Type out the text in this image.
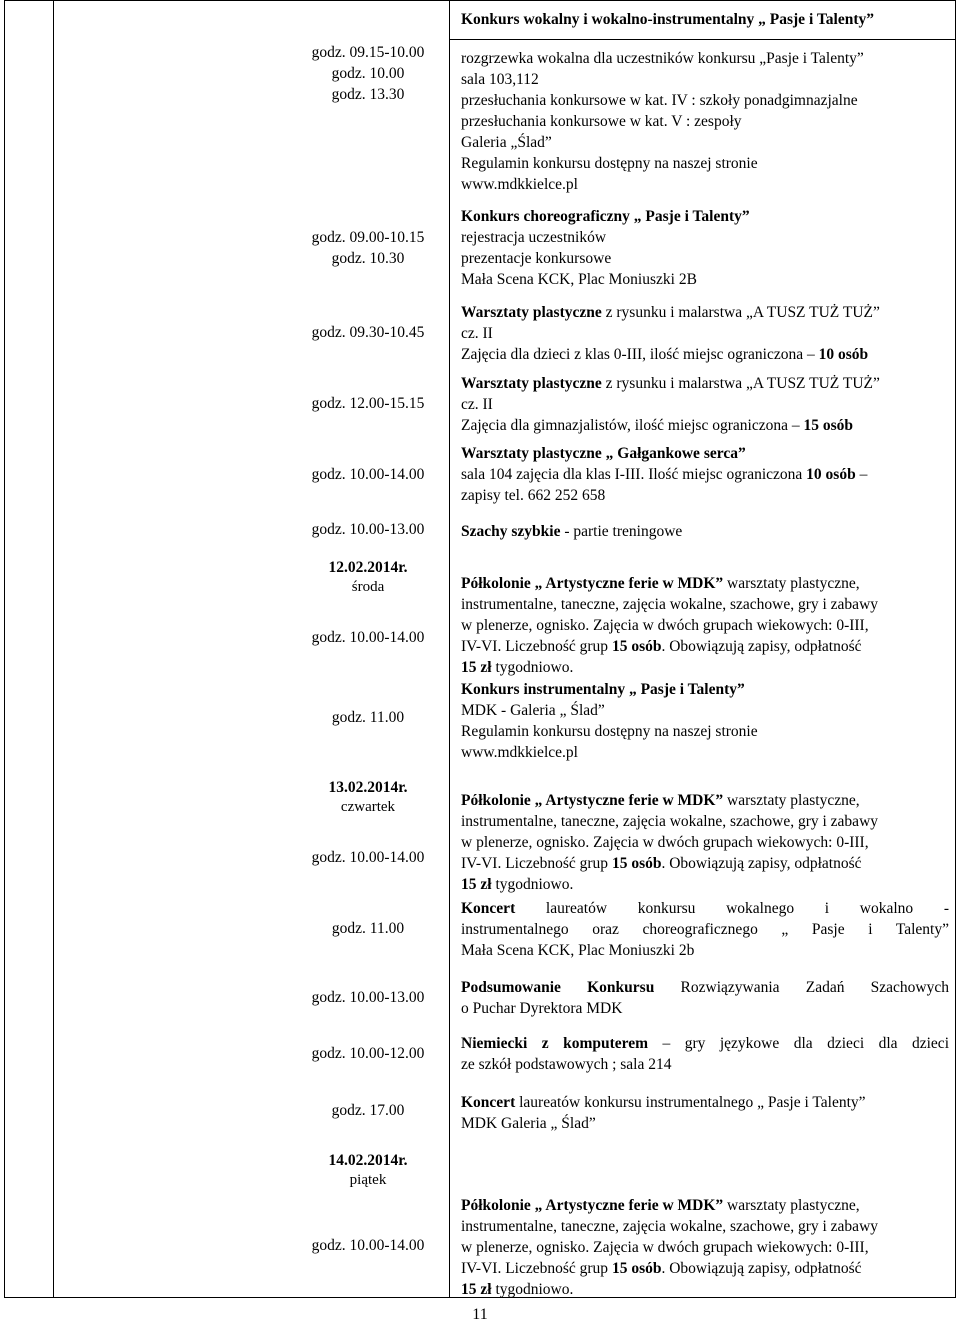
Konkurs wokalny i wokalno-instrumentalny „ Pasje i Talenty”
godz. 09.15-10.00
godz. 10.00
godz. 13.30
godz. 09.00-10.15
godz. 10.30
godz. 09.30-10.45
godz. 12.00-15.15
godz. 10.00-14.00
godz. 10.00-13.00
12.02.2014r.
środa
godz. 10.00-14.00
godz. 11.00
13.02.2014r.
czwartek
godz. 10.00-14.00
godz. 11.00
godz. 10.00-13.00
godz. 10.00-12.00
godz. 17.00
14.02.2014r.
piątek
godz. 10.00-14.00
rozgrzewka wokalna dla uczestników konkursu „Pasje i Talenty”
sala 103,112
przesłuchania konkursowe w kat. IV : szkoły ponadgimnazjalne
przesłuchania konkursowe w kat. V : zespoły
Galeria „Ślad”
Regulamin konkursu dostępny na naszej stronie
www.mdkkielce.pl
Konkurs choreograficzny „ Pasje i Talenty”
rejestracja uczestników
prezentacje konkursowe
Mała Scena KCK, Plac Moniuszki 2B
Warsztaty plastyczne z rysunku i malarstwa „A TUSZ TUŻ TUŻ”
cz. II
Zajęcia dla dzieci z klas 0-III, ilość miejsc ograniczona – 10 osób
Warsztaty plastyczne z rysunku i malarstwa „A TUSZ TUŻ TUŻ”
cz. II
Zajęcia dla gimnazjalistów, ilość miejsc ograniczona – 15 osób
Warsztaty plastyczne „ Gałgankowe serca”
sala 104 zajęcia dla klas I-III. Ilość miejsc ograniczona 10 osób –
zapisy tel. 662 252 658
Szachy szybkie - partie treningowe
Półkolonie „ Artystyczne ferie w MDK” warsztaty plastyczne,
instrumentalne, taneczne, zajęcia wokalne, szachowe, gry i zabawy
w plenerze, ognisko. Zajęcia w dwóch grupach wiekowych: 0-III,
IV-VI. Liczebność grup 15 osób. Obowiązują zapisy, odpłatność
15 zł tygodniowo.
Konkurs instrumentalny „ Pasje i Talenty”
MDK - Galeria „ Ślad”
Regulamin konkursu dostępny na naszej stronie
www.mdkkielce.pl
Półkolonie „ Artystyczne ferie w MDK” warsztaty plastyczne,
instrumentalne, taneczne, zajęcia wokalne, szachowe, gry i zabawy
w plenerze, ognisko. Zajęcia w dwóch grupach wiekowych: 0-III,
IV-VI. Liczebność grup 15 osób. Obowiązują zapisy, odpłatność
15 zł tygodniowo.
Koncert laureatów konkursu wokalnego i wokalno -
instrumentalnego oraz choreograficznego „ Pasje i Talenty”
Mała Scena KCK, Plac Moniuszki 2b
Podsumowanie Konkursu Rozwiązywania Zadań Szachowych
o Puchar Dyrektora MDK
Niemiecki z komputerem – gry językowe dla dzieci dla dzieci
ze szkół podstawowych ; sala 214
Koncert laureatów konkursu instrumentalnego „ Pasje i Talenty”
MDK Galeria „ Ślad”
Półkolonie „ Artystyczne ferie w MDK” warsztaty plastyczne,
instrumentalne, taneczne, zajęcia wokalne, szachowe, gry i zabawy
w plenerze, ognisko. Zajęcia w dwóch grupach wiekowych: 0-III,
IV-VI. Liczebność grup 15 osób. Obowiązują zapisy, odpłatność
15 zł tygodniowo.
11
